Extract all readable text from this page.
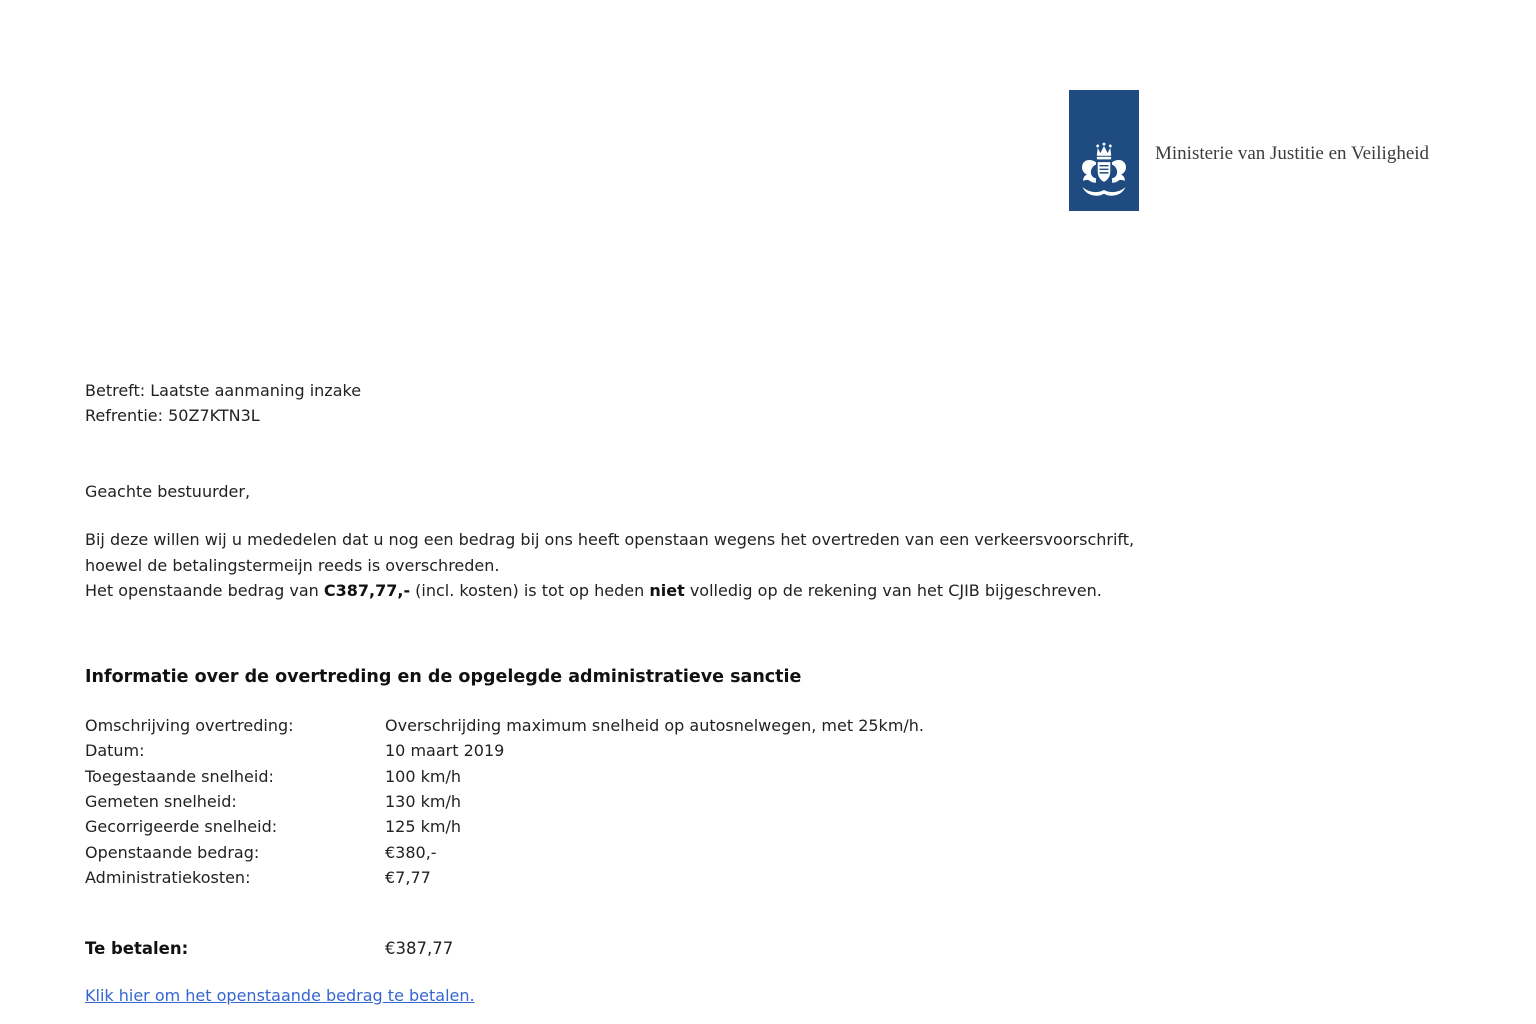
Ministerie van Justitie en Veiligheid
Betreft: Laatste aanmaning inzake
Refrentie: 50Z7KTN3L
Geachte bestuurder,
Bij deze willen wij u mededelen dat u nog een bedrag bij ons heeft openstaan wegens het overtreden van een verkeersvoorschrift,
hoewel de betalingstermeijn reeds is overschreden.
Het openstaande bedrag van C387,77,- (incl. kosten) is tot op heden niet volledig op de rekening van het CJIB bijgeschreven.
Informatie over de overtreding en de opgelegde administratieve sanctie
Omschrijving overtreding:	Overschrijding maximum snelheid op autosnelwegen, met 25km/h.
Datum:	10 maart 2019
Toegestaande snelheid:	100 km/h
Gemeten snelheid:	130 km/h
Gecorrigeerde snelheid:	125 km/h
Openstaande bedrag:	€380,-
Administratiekosten:	€7,77
Te betalen:	€387,77
Klik hier om het openstaande bedrag te betalen.
